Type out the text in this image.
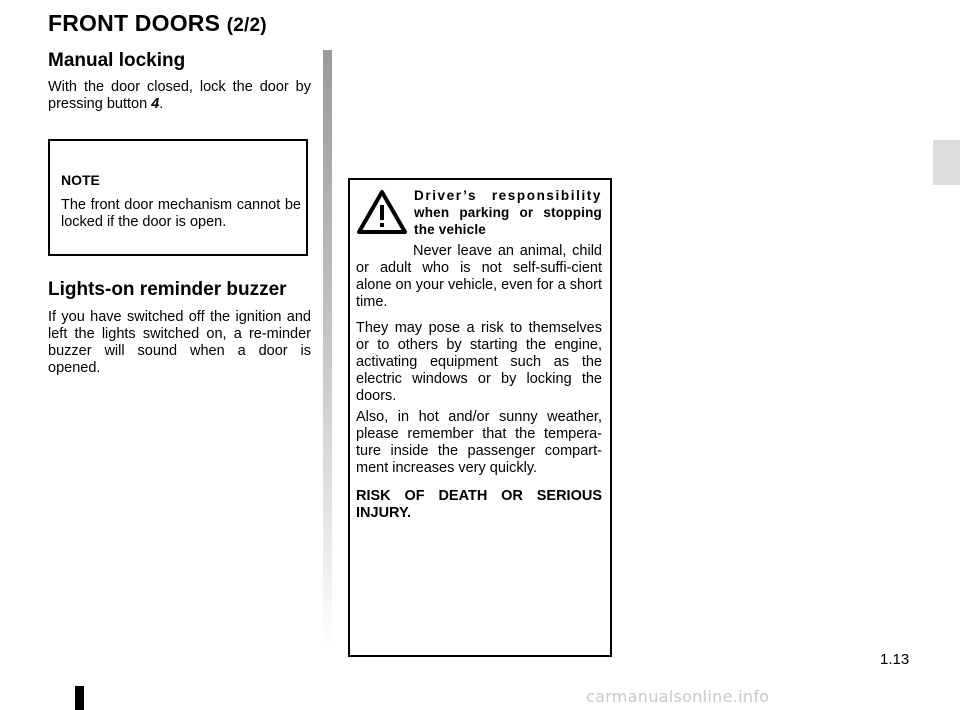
FRONT DOORS (2/2)
Manual locking
With the door closed, lock the door by pressing button 4.
NOTE
The front door mechanism cannot be locked if the door is open.
Lights-on reminder buzzer
If you have switched off the ignition and left the lights switched on, a re-minder buzzer will sound when a door is opened.
Driver’s responsibility when parking or stopping the vehicle
Never leave an animal, child or adult who is not self-suffi-cient alone on your vehicle, even for a short time.
They may pose a risk to themselves or to others by starting the engine, activating equipment such as the electric windows or by locking the doors.
Also, in hot and/or sunny weather, please remember that the tempera-ture inside the passenger compart-ment increases very quickly.
RISK OF DEATH OR SERIOUS INJURY.
1.13
carmanualsonline.info
